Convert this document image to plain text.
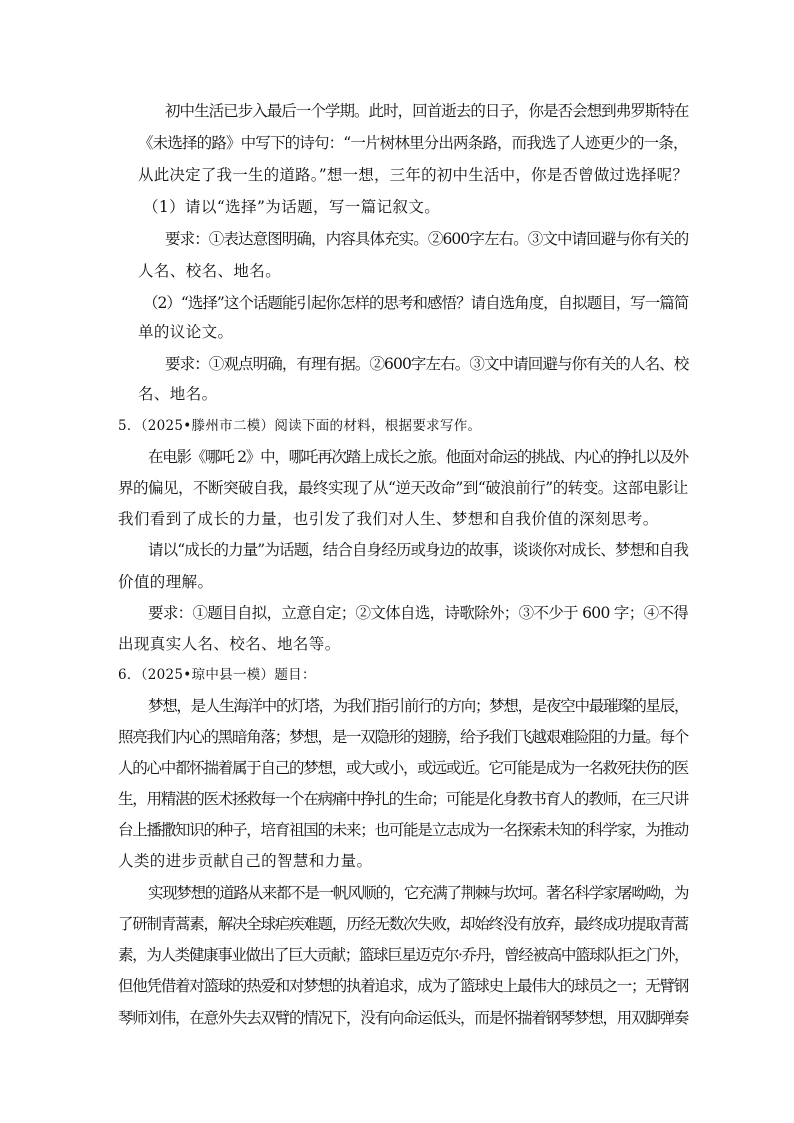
初中生活已步入最后一个学期。此时，回首逝去的日子，你是否会想到弗罗斯特在
《未选择的路》中写下的诗句：“一片树林里分出两条路，而我选了人迹更少的一条，
从此决定了我一生的道路。”想一想，三年的初中生活中，你是否曾做过选择呢？
（1）请以“选择”为话题，写一篇记叙文。
要求：①表达意图明确，内容具体充实。②600字左右。③文中请回避与你有关的
人名、校名、地名。
（2）“选择”这个话题能引起你怎样的思考和感悟？请自选角度，自拟题目，写一篇简
单的议论文。
要求：①观点明确，有理有据。②600字左右。③文中请回避与你有关的人名、校
名、地名。
5．（2025•滕州市二模）阅读下面的材料，根据要求写作。
在电影《哪吒 2》中，哪吒再次踏上成长之旅。他面对命运的挑战、内心的挣扎以及外
界的偏见，不断突破自我，最终实现了从“逆天改命”到“破浪前行”的转变。这部电影让
我们看到了成长的力量，也引发了我们对人生、梦想和自我价值的深刻思考。
请以“成长的力量”为话题，结合自身经历或身边的故事，谈谈你对成长、梦想和自我
价值的理解。
要求：①题目自拟，立意自定；②文体自选，诗歌除外；③不少于 600 字；④不得
出现真实人名、校名、地名等。
6．（2025•琼中县一模）题目：
梦想，是人生海洋中的灯塔，为我们指引前行的方向；梦想，是夜空中最璀璨的星辰，
照亮我们内心的黑暗角落；梦想，是一双隐形的翅膀，给予我们飞越艰难险阻的力量。每个
人的心中都怀揣着属于自己的梦想，或大或小，或远或近。它可能是成为一名救死扶伤的医
生，用精湛的医术拯救每一个在病痛中挣扎的生命；可能是化身教书育人的教师，在三尺讲
台上播撒知识的种子，培育祖国的未来；也可能是立志成为一名探索未知的科学家，为推动
人类的进步贡献自己的智慧和力量。
实现梦想的道路从来都不是一帆风顺的，它充满了荆棘与坎坷。著名科学家屠呦呦，为
了研制青蒿素，解决全球疟疾难题，历经无数次失败，却始终没有放弃，最终成功提取青蒿
素，为人类健康事业做出了巨大贡献；篮球巨星迈克尔·乔丹，曾经被高中篮球队拒之门外，
但他凭借着对篮球的热爱和对梦想的执着追求，成为了篮球史上最伟大的球员之一；无臂钢
琴师刘伟，在意外失去双臂的情况下，没有向命运低头，而是怀揣着钢琴梦想，用双脚弹奏
